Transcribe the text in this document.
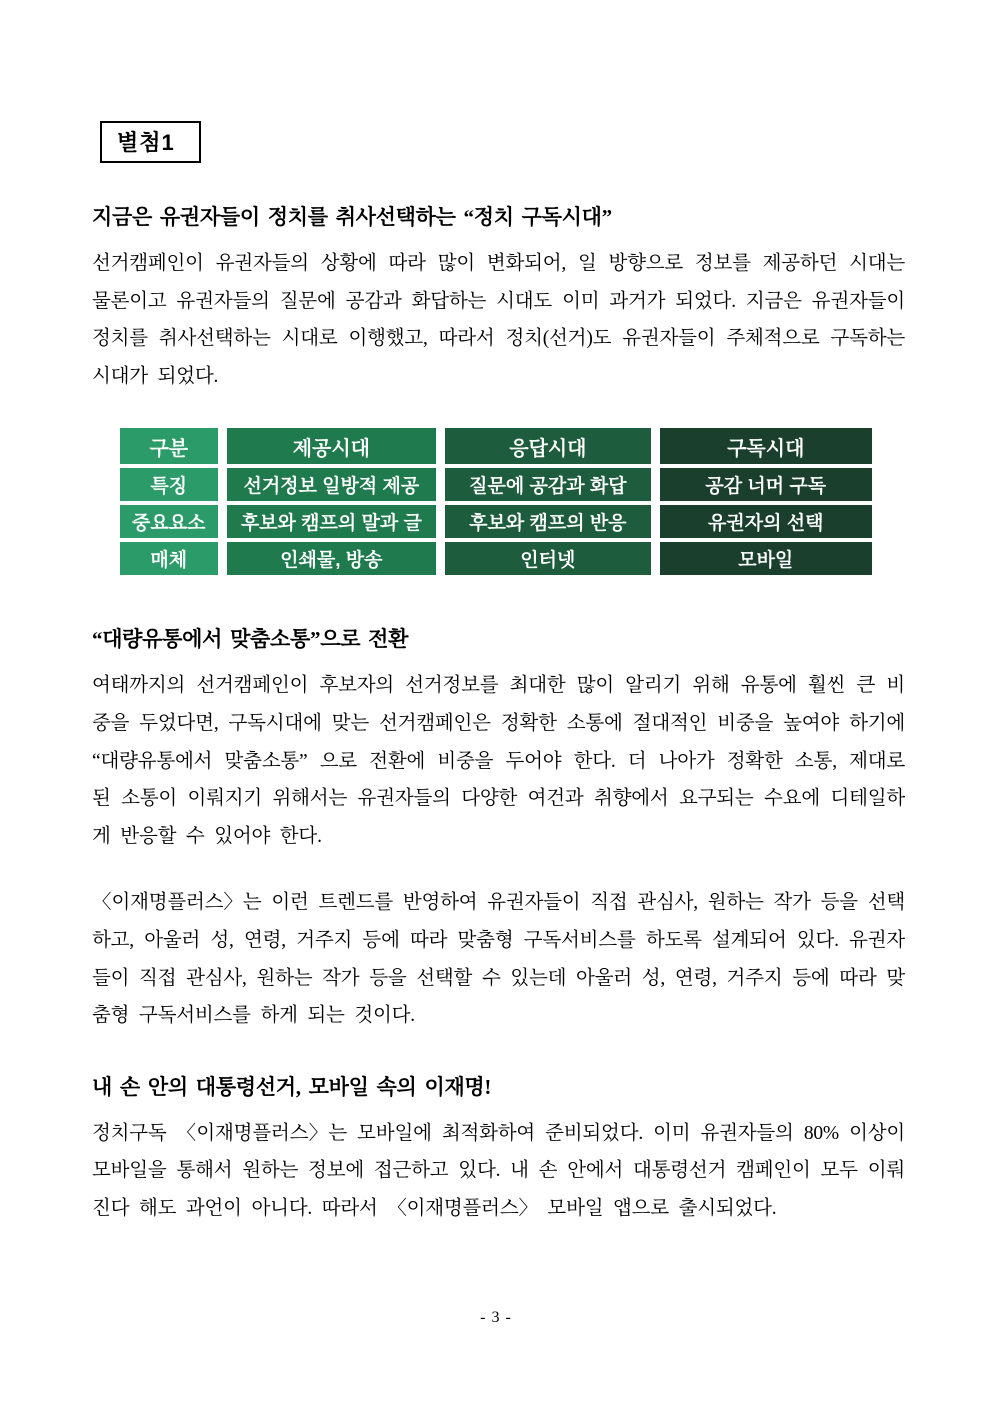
별첨1
지금은 유권자들이 정치를 취사선택하는 “정치 구독시대”
선거캠페인이 유권자들의 상황에 따라 많이 변화되어, 일 방향으로 정보를 제공하던 시대는 물론이고 유권자들의 질문에 공감과 화답하는 시대도 이미 과거가 되었다. 지금은 유권자들이 정치를 취사선택하는 시대로 이행했고, 따라서 정치(선거)도 유권자들이 주체적으로 구독하는 시대가 되었다.
구분	제공시대	응답시대	구독시대
특징	선거정보 일방적 제공	질문에 공감과 화답	공감 너머 구독
중요요소	후보와 캠프의 말과 글	후보와 캠프의 반응	유권자의 선택
매체	인쇄물, 방송	인터넷	모바일
“대량유통에서 맞춤소통”으로 전환
여태까지의 선거캠페인이 후보자의 선거정보를 최대한 많이 알리기 위해 유통에 훨씬 큰 비중을 두었다면, 구독시대에 맞는 선거캠페인은 정확한 소통에 절대적인 비중을 높여야 하기에 “대량유통에서 맞춤소통” 으로 전환에 비중을 두어야 한다. 더 나아가 정확한 소통, 제대로 된 소통이 이뤄지기 위해서는 유권자들의 다양한 여건과 취향에서 요구되는 수요에 디테일하게 반응할 수 있어야 한다.
〈이재명플러스〉는 이런 트렌드를 반영하여 유권자들이 직접 관심사, 원하는 작가 등을 선택하고, 아울러 성, 연령, 거주지 등에 따라 맞춤형 구독서비스를 하도록 설계되어 있다. 유권자들이 직접 관심사, 원하는 작가 등을 선택할 수 있는데 아울러 성, 연령, 거주지 등에 따라 맞춤형 구독서비스를 하게 되는 것이다.
내 손 안의 대통령선거, 모바일 속의 이재명!
정치구독 〈이재명플러스〉는 모바일에 최적화하여 준비되었다. 이미 유권자들의 80% 이상이 모바일을 통해서 원하는 정보에 접근하고 있다. 내 손 안에서 대통령선거 캠페인이 모두 이뤄진다 해도 과언이 아니다. 따라서 〈이재명플러스〉 모바일 앱으로 출시되었다.
- 3 -
